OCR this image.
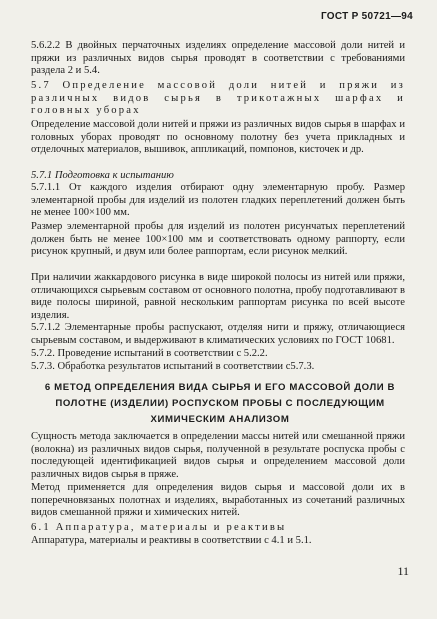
ГОСТ Р 50721—94

5.6.2.2 В двойных перчаточных изделиях определение массовой доли нитей и пряжи из различных видов сырья проводят в соответствии с требованиями раздела 2 и 5.4.

5.7 Определение массовой доли нитей и пряжи из различных видов сырья в трикотажных шарфах и головных уборах

Определение массовой доли нитей и пряжи из различных видов сырья в шарфах и головных уборах проводят по основному полотну без учета прикладных и отделочных материалов, вышивок, аппликаций, помпонов, кисточек и др.

5.7.1 Подготовка к испытанию

5.7.1.1 От каждого изделия отбирают одну элементарную пробу. Размер элементарной пробы для изделий из полотен гладких переплетений должен быть не менее 100×100 мм.

Размер элементарной пробы для изделий из полотен рисунчатых переплетений должен быть не менее 100×100 мм и соответствовать одному раппорту, если рисунок крупный, и двум или более раппортам, если рисунок мелкий.

При наличии жаккардового рисунка в виде широкой полосы из нитей или пряжи, отличающихся сырьевым составом от основного полотна, пробу подготавливают в виде полосы шириной, равной нескольким раппортам рисунка по всей высоте изделия.

5.7.1.2 Элементарные пробы распускают, отделяя нити и пряжу, отличающиеся сырьевым составом, и выдерживают в климатических условиях по ГОСТ 10681.

5.7.2. Проведение испытаний в соответствии с 5.2.2.

5.7.3. Обработка результатов испытаний в соответствии с5.7.3.

6 МЕТОД ОПРЕДЕЛЕНИЯ ВИДА СЫРЬЯ И ЕГО МАССОВОЙ ДОЛИ В ПОЛОТНЕ (ИЗДЕЛИИ) РОСПУСКОМ ПРОБЫ С ПОСЛЕДУЮЩИМ ХИМИЧЕСКИМ АНАЛИЗОМ

Сущность метода заключается в определении массы нитей или смешанной пряжи (волокна) из различных видов сырья, полученной в результате роспуска пробы с последующей идентификацией видов сырья и определением массовой доли различных видов сырья в пряже.

Метод применяется для определения видов сырья и массовой доли их в поперечновязаных полотнах и изделиях, выработанных из сочетаний различных видов смешанной пряжи и химических нитей.

6.1 Аппаратура, материалы и реактивы

Аппаратура, материалы и реактивы в соответствии с 4.1 и 5.1.

11
